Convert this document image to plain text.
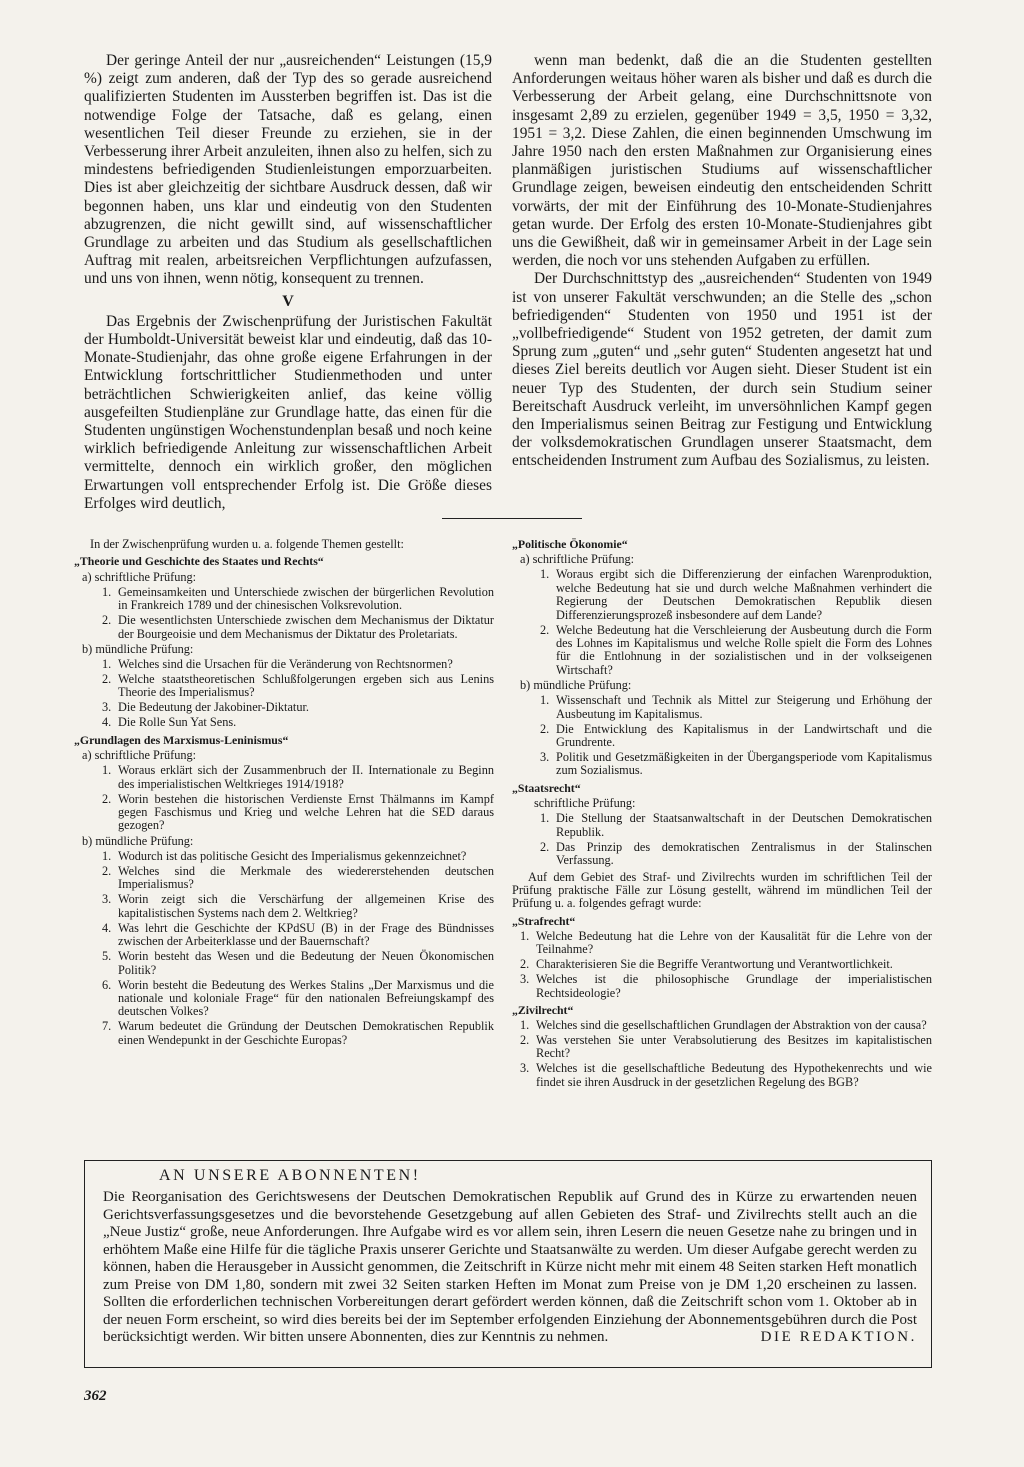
Der geringe Anteil der nur „ausreichenden“ Leistungen (15,9 %) zeigt zum anderen, daß der Typ des so gerade ausreichend qualifizierten Studenten im Aussterben begriffen ist. Das ist die notwendige Folge der Tatsache, daß es gelang, einen wesentlichen Teil dieser Freunde zu erziehen, sie in der Verbesserung ihrer Arbeit anzuleiten, ihnen also zu helfen, sich zu mindestens befriedigenden Studienleistungen emporzuarbeiten. Dies ist aber gleichzeitig der sichtbare Ausdruck dessen, daß wir begonnen haben, uns klar und eindeutig von den Studenten abzugrenzen, die nicht gewillt sind, auf wissenschaftlicher Grundlage zu arbeiten und das Studium als gesellschaftlichen Auftrag mit realen, arbeitsreichen Verpflichtungen aufzufassen, und uns von ihnen, wenn nötig, konsequent zu trennen.

V

Das Ergebnis der Zwischenprüfung der Juristischen Fakultät der Humboldt-Universität beweist klar und eindeutig, daß das 10-Monate-Studienjahr, das ohne große eigene Erfahrungen in der Entwicklung fortschrittlicher Studienmethoden und unter beträchtlichen Schwierigkeiten anlief, das keine völlig ausgefeilten Studienpläne zur Grundlage hatte, das einen für die Studenten ungünstigen Wochenstundenplan besaß und noch keine wirklich befriedigende Anleitung zur wissenschaftlichen Arbeit vermittelte, dennoch ein wirklich großer, den möglichen Erwartungen voll entsprechender Erfolg ist. Die Größe dieses Erfolges wird deutlich,

wenn man bedenkt, daß die an die Studenten gestellten Anforderungen weitaus höher waren als bisher und daß es durch die Verbesserung der Arbeit gelang, eine Durchschnittsnote von insgesamt 2,89 zu erzielen, gegenüber 1949 = 3,5, 1950 = 3,32, 1951 = 3,2. Diese Zahlen, die einen beginnenden Umschwung im Jahre 1950 nach den ersten Maßnahmen zur Organisierung eines planmäßigen juristischen Studiums auf wissenschaftlicher Grundlage zeigen, beweisen eindeutig den entscheidenden Schritt vorwärts, der mit der Einführung des 10-Monate-Studienjahres getan wurde. Der Erfolg des ersten 10-Monate-Studienjahres gibt uns die Gewißheit, daß wir in gemeinsamer Arbeit in der Lage sein werden, die noch vor uns stehenden Aufgaben zu erfüllen.

Der Durchschnittstyp des „ausreichenden“ Studenten von 1949 ist von unserer Fakultät verschwunden; an die Stelle des „schon befriedigenden“ Studenten von 1950 und 1951 ist der „vollbefriedigende“ Student von 1952 getreten, der damit zum Sprung zum „guten“ und „sehr guten“ Studenten angesetzt hat und dieses Ziel bereits deutlich vor Augen sieht. Dieser Student ist ein neuer Typ des Studenten, der durch sein Studium seiner Bereitschaft Ausdruck verleiht, im unversöhnlichen Kampf gegen den Imperialismus seinen Beitrag zur Festigung und Entwicklung der volksdemokratischen Grundlagen unserer Staatsmacht, dem entscheidenden Instrument zum Aufbau des Sozialismus, zu leisten.

In der Zwischenprüfung wurden u. a. folgende Themen gestellt:
„Theorie und Geschichte des Staates und Rechts“
a) schriftliche Prüfung:
1. Gemeinsamkeiten und Unterschiede zwischen der bürgerlichen Revolution in Frankreich 1789 und der chinesischen Volksrevolution.
2. Die wesentlichsten Unterschiede zwischen dem Mechanismus der Diktatur der Bourgeoisie und dem Mechanismus der Diktatur des Proletariats.
b) mündliche Prüfung:
1. Welches sind die Ursachen für die Veränderung von Rechtsnormen?
2. Welche staatstheoretischen Schlußfolgerungen ergeben sich aus Lenins Theorie des Imperialismus?
3. Die Bedeutung der Jakobiner-Diktatur.
4. Die Rolle Sun Yat Sens.
„Grundlagen des Marxismus-Leninismus“
a) schriftliche Prüfung:
1. Woraus erklärt sich der Zusammenbruch der II. Internationale zu Beginn des imperialistischen Weltkrieges 1914/1918?
2. Worin bestehen die historischen Verdienste Ernst Thälmanns im Kampf gegen Faschismus und Krieg und welche Lehren hat die SED daraus gezogen?
b) mündliche Prüfung:
1. Wodurch ist das politische Gesicht des Imperialismus gekennzeichnet?
2. Welches sind die Merkmale des wiedererstehenden deutschen Imperialismus?
3. Worin zeigt sich die Verschärfung der allgemeinen Krise des kapitalistischen Systems nach dem 2. Weltkrieg?
4. Was lehrt die Geschichte der KPdSU (B) in der Frage des Bündnisses zwischen der Arbeiterklasse und der Bauernschaft?
5. Worin besteht das Wesen und die Bedeutung der Neuen Ökonomischen Politik?
6. Worin besteht die Bedeutung des Werkes Stalins „Der Marxismus und die nationale und koloniale Frage“ für den nationalen Befreiungskampf des deutschen Volkes?
7. Warum bedeutet die Gründung der Deutschen Demokratischen Republik einen Wendepunkt in der Geschichte Europas?
„Politische Ökonomie“
a) schriftliche Prüfung:
1. Woraus ergibt sich die Differenzierung der einfachen Warenproduktion, welche Bedeutung hat sie und durch welche Maßnahmen verhindert die Regierung der Deutschen Demokratischen Republik diesen Differenzierungsprozeß insbesondere auf dem Lande?
2. Welche Bedeutung hat die Verschleierung der Ausbeutung durch die Form des Lohnes im Kapitalismus und welche Rolle spielt die Form des Lohnes für die Entlohnung in der sozialistischen und in der volkseigenen Wirtschaft?
b) mündliche Prüfung:
1. Wissenschaft und Technik als Mittel zur Steigerung und Erhöhung der Ausbeutung im Kapitalismus.
2. Die Entwicklung des Kapitalismus in der Landwirtschaft und die Grundrente.
3. Politik und Gesetzmäßigkeiten in der Übergangsperiode vom Kapitalismus zum Sozialismus.
„Staatsrecht“
schriftliche Prüfung:
1. Die Stellung der Staatsanwaltschaft in der Deutschen Demokratischen Republik.
2. Das Prinzip des demokratischen Zentralismus in der Stalinschen Verfassung.
Auf dem Gebiet des Straf- und Zivilrechts wurden im schriftlichen Teil der Prüfung praktische Fälle zur Lösung gestellt, während im mündlichen Teil der Prüfung u. a. folgendes gefragt wurde:
„Strafrecht“
1. Welche Bedeutung hat die Lehre von der Kausalität für die Lehre von der Teilnahme?
2. Charakterisieren Sie die Begriffe Verantwortung und Verantwortlichkeit.
3. Welches ist die philosophische Grundlage der imperialistischen Rechtsideologie?
„Zivilrecht“
1. Welches sind die gesellschaftlichen Grundlagen der Abstraktion von der causa?
2. Was verstehen Sie unter Verabsolutierung des Besitzes im kapitalistischen Recht?
3. Welches ist die gesellschaftliche Bedeutung des Hypothekenrechts und wie findet sie ihren Ausdruck in der gesetzlichen Regelung des BGB?
AN UNSERE ABONNENTEN!
Die Reorganisation des Gerichtswesens der Deutschen Demokratischen Republik auf Grund des in Kürze zu erwartenden neuen Gerichtsverfassungsgesetzes und die bevorstehende Gesetzgebung auf allen Gebieten des Straf- und Zivilrechts stellt auch an die „Neue Justiz“ große, neue Anforderungen. Ihre Aufgabe wird es vor allem sein, ihren Lesern die neuen Gesetze nahe zu bringen und in erhöhtem Maße eine Hilfe für die tägliche Praxis unserer Gerichte und Staatsanwälte zu werden. Um dieser Aufgabe gerecht werden zu können, haben die Herausgeber in Aussicht genommen, die Zeitschrift in Kürze nicht mehr mit einem 48 Seiten starken Heft monatlich zum Preise von DM 1,80, sondern mit zwei 32 Seiten starken Heften im Monat zum Preise von je DM 1,20 erscheinen zu lassen. Sollten die erforderlichen technischen Vorbereitungen derart gefördert werden können, daß die Zeitschrift schon vom 1. Oktober ab in der neuen Form erscheint, so wird dies bereits bei der im September erfolgenden Einziehung der Abonnementsgebühren durch die Post berücksichtigt werden. Wir bitten unsere Abonnenten, dies zur Kenntnis zu nehmen.	DIE REDAKTION.
362
